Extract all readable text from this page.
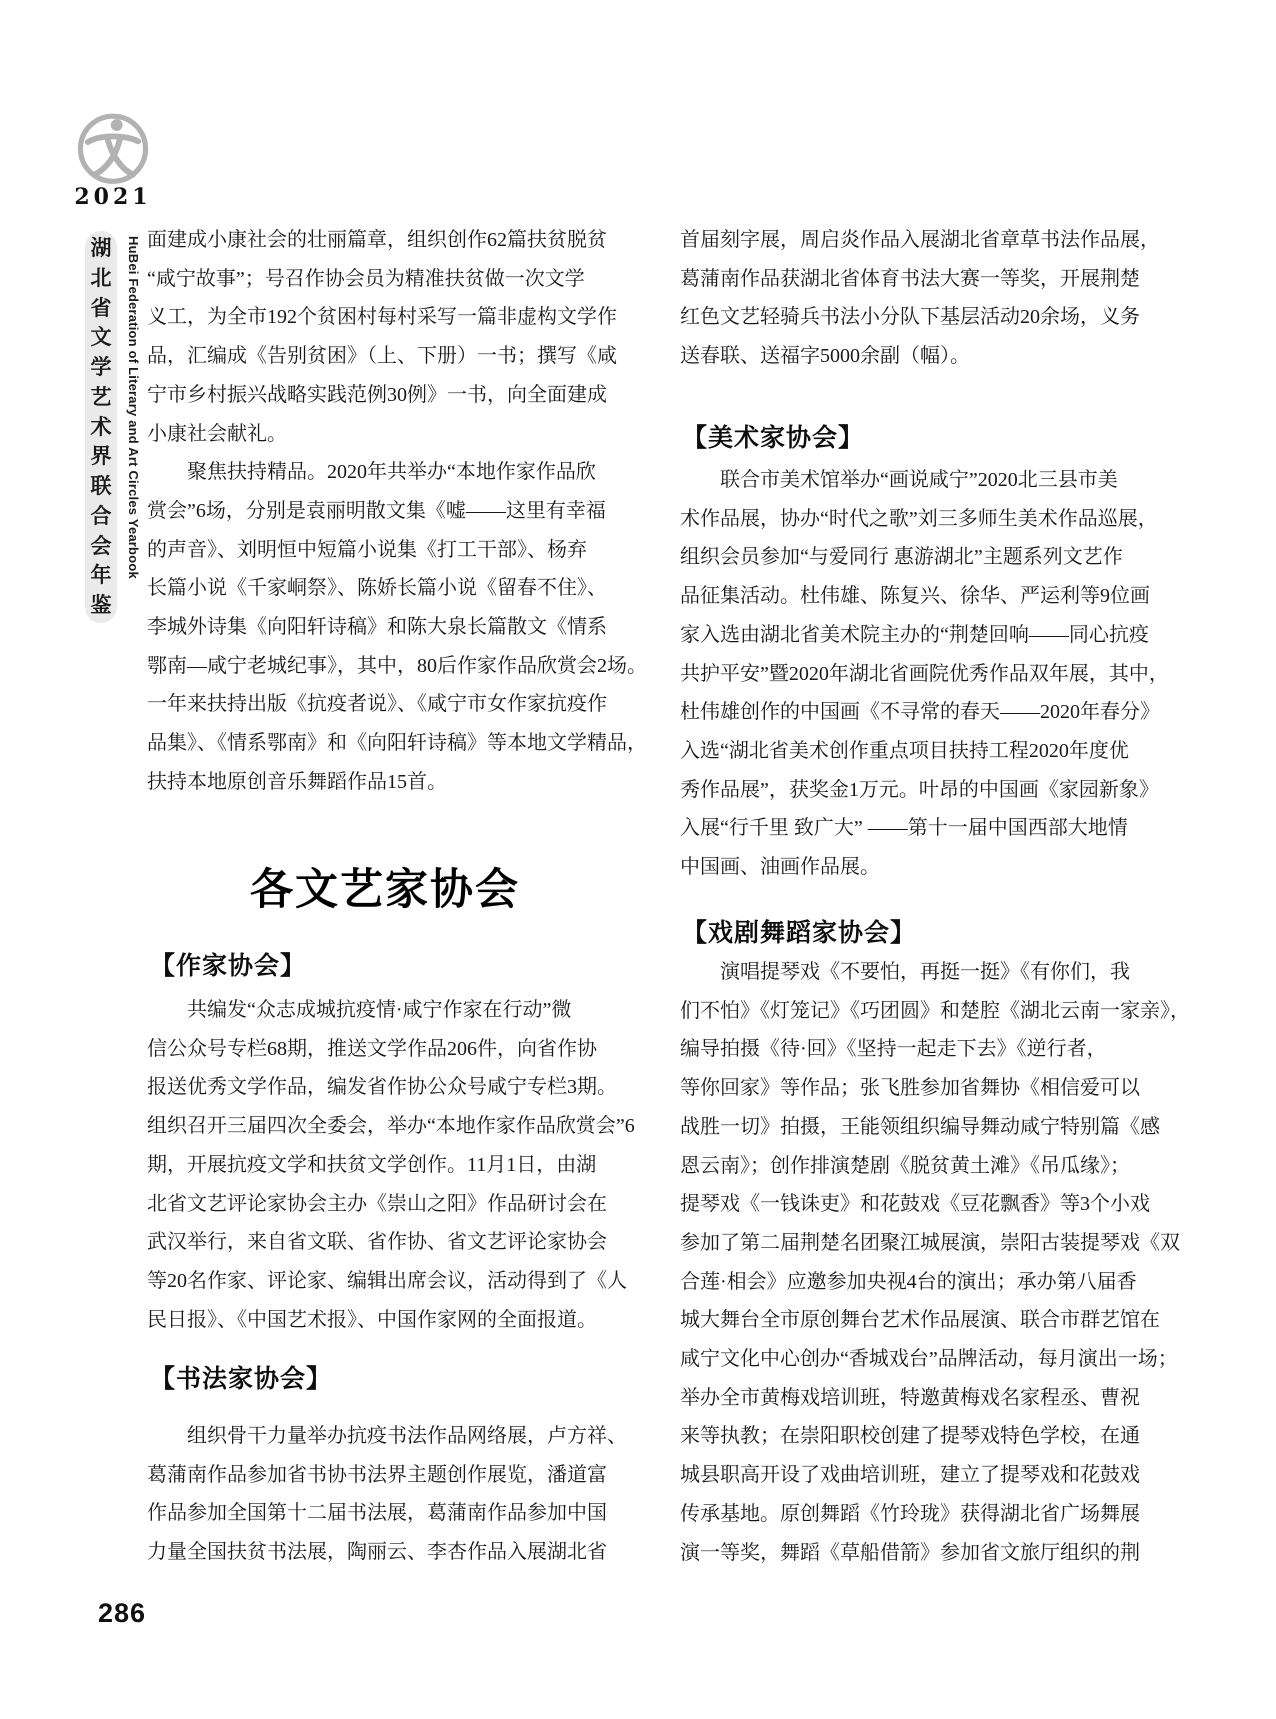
2021
湖
北
省
文
学
艺
术
界
联
合
会
年
鉴
HuBei Federation of Literary and Art Circles Yearbook 面建成小康社会的壮丽篇章，组织创作62篇扶贫脱贫
“咸宁故事”；号召作协会员为精准扶贫做一次文学
义工，为全市192个贫困村每村采写一篇非虚构文学作
品，汇编成《告别贫困》（上、下册）一书；撰写《咸
宁市乡村振兴战略实践范例30例》一书，向全面建成
小康社会献礼。
　　聚焦扶持精品。2020年共举办“本地作家作品欣
赏会”6场，分别是袁丽明散文集《嘘——这里有幸福
的声音》、刘明恒中短篇小说集《打工干部》、杨弃
长篇小说《千家峒祭》、陈娇长篇小说《留春不住》、
李城外诗集《向阳轩诗稿》和陈大泉长篇散文《情系
鄂南—咸宁老城纪事》，其中，80后作家作品欣赏会2场。
一年来扶持出版《抗疫者说》、《咸宁市女作家抗疫作
品集》、《情系鄂南》和《向阳轩诗稿》等本地文学精品，
扶持本地原创音乐舞蹈作品15首。
各文艺家协会
【作家协会】
　　共编发“众志成城抗疫情·咸宁作家在行动”微
信公众号专栏68期，推送文学作品206件，向省作协
报送优秀文学作品，编发省作协公众号咸宁专栏3期。
组织召开三届四次全委会，举办“本地作家作品欣赏会”6
期，开展抗疫文学和扶贫文学创作。11月1日，由湖
北省文艺评论家协会主办《崇山之阳》作品研讨会在
武汉举行，来自省文联、省作协、省文艺评论家协会
等20名作家、评论家、编辑出席会议，活动得到了《人
民日报》、《中国艺术报》、中国作家网的全面报道。
【书法家协会】
　　组织骨干力量举办抗疫书法作品网络展，卢方祥、
葛蒲南作品参加省书协书法界主题创作展览，潘道富
作品参加全国第十二届书法展，葛蒲南作品参加中国
力量全国扶贫书法展，陶丽云、李杏作品入展湖北省
首届刻字展，周启炎作品入展湖北省章草书法作品展，
葛蒲南作品获湖北省体育书法大赛一等奖，开展荆楚
红色文艺轻骑兵书法小分队下基层活动20余场，义务
送春联、送福字5000余副（幅）。
【美术家协会】
　　联合市美术馆举办“画说咸宁”2020北三县市美
术作品展，协办“时代之歌”刘三多师生美术作品巡展，
组织会员参加“与爱同行 惠游湖北”主题系列文艺作
品征集活动。杜伟雄、陈复兴、徐华、严运利等9位画
家入选由湖北省美术院主办的“荆楚回响——同心抗疫
共护平安”暨2020年湖北省画院优秀作品双年展，其中，
杜伟雄创作的中国画《不寻常的春天——2020年春分》
入选“湖北省美术创作重点项目扶持工程2020年度优
秀作品展”，获奖金1万元。叶昂的中国画《家园新象》
入展“行千里 致广大” ——第十一届中国西部大地情
中国画、油画作品展。
【戏剧舞蹈家协会】
　　演唱提琴戏《不要怕，再挺一挺》《有你们，我
们不怕》《灯笼记》《巧团圆》和楚腔《湖北云南一家亲》，
编导拍摄《待·回》《坚持一起走下去》《逆行者，
等你回家》等作品；张飞胜参加省舞协《相信爱可以
战胜一切》拍摄，王能领组织编导舞动咸宁特别篇《感
恩云南》；创作排演楚剧《脱贫黄土滩》《吊瓜缘》；
提琴戏《一钱诛吏》和花鼓戏《豆花飘香》等3个小戏
参加了第二届荆楚名团聚江城展演，崇阳古装提琴戏《双
合莲·相会》应邀参加央视4台的演出；承办第八届香
城大舞台全市原创舞台艺术作品展演、联合市群艺馆在
咸宁文化中心创办“香城戏台”品牌活动，每月演出一场；
举办全市黄梅戏培训班，特邀黄梅戏名家程丞、曹祝
来等执教；在崇阳职校创建了提琴戏特色学校，在通
城县职高开设了戏曲培训班，建立了提琴戏和花鼓戏
传承基地。原创舞蹈《竹玲珑》获得湖北省广场舞展
演一等奖，舞蹈《草船借箭》参加省文旅厅组织的荆
286
